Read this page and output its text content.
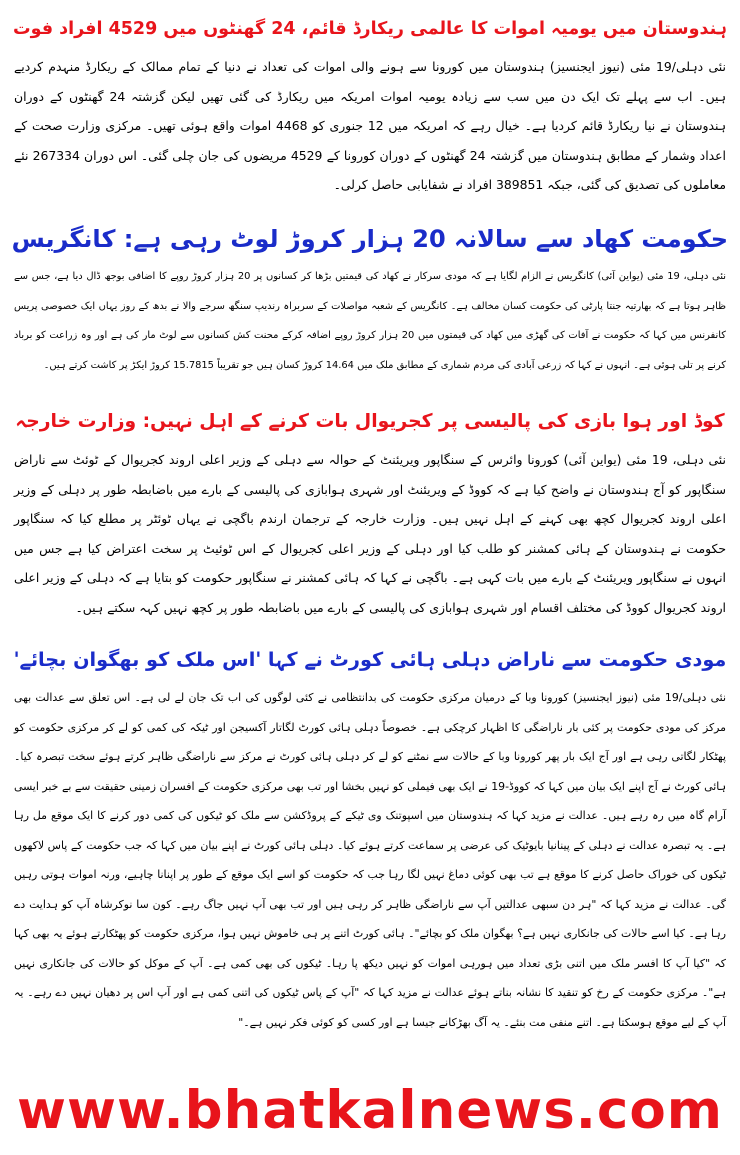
ہندوستان میں یومیہ اموات کا عالمی ریکارڈ قائم، 24 گھنٹوں میں 4529 افراد فوت

نئی دہلی/19 مئی (نیوز ایجنسیز) ہندوستان میں کورونا سے ہونے والی اموات کی تعداد نے دنیا کے تمام ممالک کے ریکارڈ منہدم کردیے ہیں۔ اب سے پہلے تک ایک دن میں سب سے زیادہ یومیہ اموات امریکہ میں ریکارڈ کی گئی تھیں لیکن گزشتہ 24 گھنٹوں کے دوران ہندوستان نے نیا ریکارڈ قائم کردیا ہے۔ خیال رہے کہ امریکہ میں 12 جنوری کو 4468 اموات واقع ہوئی تھیں۔ مرکزی وزارت صحت کے اعداد وشمار کے مطابق ہندوستان میں گزشتہ 24 گھنٹوں کے دوران کورونا کے 4529 مریضوں کی جان چلی گئی۔ اس دوران 267334 نئے معاملوں کی تصدیق کی گئی، جبکہ 389851 افراد نے شفایابی حاصل کرلی۔

حکومت کھاد سے سالانہ 20 ہزار کروڑ لوٹ رہی ہے: کانگریس

نئی دہلی، 19 مئی (یواین آئی) کانگریس نے الزام لگایا ہے کہ مودی سرکار نے کھاد کی قیمتیں بڑھا کر کسانوں پر 20 ہزار کروڑ روپے کا اضافی بوجھ ڈال دیا ہے، جس سے ظاہر ہوتا ہے کہ بھارتیہ جنتا پارٹی کی حکومت کسان مخالف ہے۔ کانگریس کے شعبہ مواصلات کے سربراہ رندیپ سنگھ سرجے والا نے بدھ کے روز یہاں ایک خصوصی پریس کانفرنس میں کہا کہ حکومت نے آفات کی گھڑی میں کھاد کی قیمتوں میں 20 ہزار کروڑ روپے اضافہ کرکے محنت کش کسانوں سے لوٹ مار کی ہے اور وہ زراعت کو برباد کرنے پر تلی ہوئی ہے۔ انہوں نے کہا کہ زرعی آبادی کی مردم شماری کے مطابق ملک میں 14.64 کروڑ کسان ہیں جو تقریباً 15.7815 کروڑ ایکڑ پر کاشت کرتے ہیں۔

کوڈ اور ہوا بازی کی پالیسی پر کجریوال بات کرنے کے اہل نہیں: وزارت خارجہ

نئی دہلی، 19 مئی (یواین آئی) کورونا وائرس کے سنگاپور ویریئنٹ کے حوالہ سے دہلی کے وزیر اعلی اروند کجریوال کے ٹوئٹ سے ناراض سنگاپور کو آج ہندوستان نے واضح کیا ہے کہ کووڈ کے ویریئنٹ اور شہری ہوابازی کی پالیسی کے بارے میں باضابطہ طور پر دہلی کے وزیر اعلی اروند کجریوال کچھ بھی کہنے کے اہل نہیں ہیں۔ وزارت خارجہ کے ترجمان ارندم باگچی نے یہاں ٹوئٹر پر مطلع کیا کہ سنگاپور حکومت نے ہندوستان کے ہائی کمشنر کو طلب کیا اور دہلی کے وزیر اعلی کجریوال کے اس ٹوئیٹ پر سخت اعتراض کیا ہے جس میں انہوں نے سنگاپور ویریئنٹ کے بارے میں بات کہی ہے۔ باگچی نے کہا کہ ہائی کمشنر نے سنگاپور حکومت کو بتایا ہے کہ دہلی کے وزیر اعلی اروند کجریوال کووڈ کی مختلف اقسام اور شہری ہوابازی کی پالیسی کے بارے میں باضابطہ طور پر کچھ نہیں کہہ سکتے ہیں۔

مودی حکومت سے ناراض دہلی ہائی کورٹ نے کہا 'اس ملک کو بھگوان بچائے'

نئی دہلی/19 مئی (نیوز ایجنسیز) کورونا وبا کے درمیان مرکزی حکومت کی بدانتظامی نے کئی لوگوں کی اب تک جان لے لی ہے۔ اس تعلق سے عدالت بھی مرکز کی مودی حکومت پر کئی بار ناراضگی کا اظہار کرچکی ہے۔ خصوصاً دہلی ہائی کورٹ لگاتار آکسیجن اور ٹیکہ کی کمی کو لے کر مرکزی حکومت کو پھٹکار لگاتی رہی ہے اور آج ایک بار پھر کورونا وبا کے حالات سے نمٹنے کو لے کر دہلی ہائی کورٹ نے مرکز سے ناراضگی ظاہر کرتے ہوئے سخت تبصرہ کیا۔ ہائی کورٹ نے آج اپنے ایک بیان میں کہا کہ کووڈ-19 نے ایک بھی فیملی کو نہیں بخشا اور تب بھی مرکزی حکومت کے افسران زمینی حقیقت سے بے خبر ایسی آرام گاہ میں رہ رہے ہیں۔ عدالت نے مزید کہا کہ ہندوستان میں اسپوتنک وی ٹیکے کے پروڈکشن سے ملک کو ٹیکوں کی کمی دور کرنے کا ایک موقع مل رہا ہے۔ یہ تبصرہ عدالت نے دہلی کے پینانیا بایوٹیک کی عرضی پر سماعت کرتے ہوئے کیا۔ دہلی ہائی کورٹ نے اپنے بیان میں کہا کہ جب حکومت کے پاس لاکھوں ٹیکوں کی خوراک حاصل کرنے کا موقع ہے تب بھی کوئی دماغ نہیں لگا رہا جب کہ حکومت کو اسے ایک موقع کے طور پر اپنانا چاہیے، ورنہ اموات ہوتی رہیں گی۔ عدالت نے مزید کہا کہ "ہر دن سبھی عدالتیں آپ سے ناراضگی ظاہر کر رہی ہیں اور تب بھی آپ نہیں جاگ رہے۔ کون سا نوکرشاہ آپ کو ہدایت دے رہا ہے۔ کیا اسے حالات کی جانکاری نہیں ہے؟ بھگوان ملک کو بچائے"۔ ہائی کورٹ اتنے پر ہی خاموش نہیں ہوا، مرکزی حکومت کو پھٹکارتے ہوئے یہ بھی کہا کہ "کیا آپ کا افسر ملک میں اتنی بڑی تعداد میں ہورہی اموات کو نہیں دیکھ پا رہا۔ ٹیکوں کی بھی کمی ہے۔ آپ کے موکل کو حالات کی جانکاری نہیں ہے"۔ مرکزی حکومت کے رخ کو تنقید کا نشانہ بناتے ہوئے عدالت نے مزید کہا کہ "آپ کے پاس ٹیکوں کی اتنی کمی ہے اور آپ اس پر دھیان نہیں دے رہے۔ یہ آپ کے لیے موقع ہوسکتا ہے۔ اتنے منفی مت بنئے۔ یہ آگ بھڑکانے جیسا ہے اور کسی کو کوئی فکر نہیں ہے۔"

www.bhatkalnews.com
